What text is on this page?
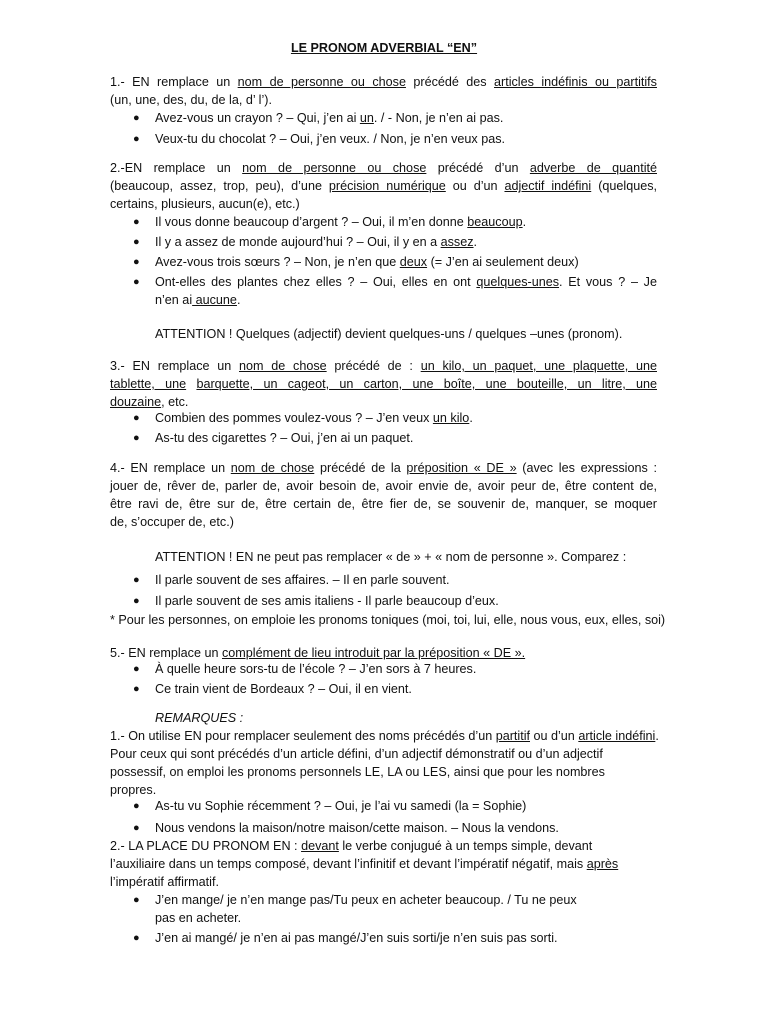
LE PRONOM ADVERBIAL “EN”
1.- EN remplace un nom de personne ou chose précédé des articles indéfinis ou partitifs
(un, une, des, du, de la, d’ l’).
● Avez-vous un crayon ? – Qui, j’en ai un. / - Non, je n’en ai pas.
● Veux-tu du chocolat ? – Oui, j’en veux. / Non, je n’en veux pas.
2.-EN remplace un nom de personne ou chose précédé d’un adverbe de quantité
(beaucoup, assez, trop, peu), d’une précision numérique ou d’un adjectif indéfini (quelques,
certains, plusieurs, aucun(e), etc.)
● Il vous donne beaucoup d’argent ? – Oui, il m’en donne beaucoup.
● Il y a assez de monde aujourd’hui ? – Oui, il y en a assez.
● Avez-vous trois sœurs ? – Non, je n’en que deux (= J’en ai seulement deux)
● Ont-elles des plantes chez elles ? – Oui, elles en ont quelques-unes. Et vous ? – Je
n’en ai aucune.
ATTENTION ! Quelques (adjectif) devient quelques-uns / quelques –unes (pronom).
3.- EN remplace un nom de chose précédé de : un kilo, un paquet, une plaquette, une
tablette, une barquette, un cageot, un carton, une boîte, une bouteille, un litre, une
douzaine, etc.
● Combien des pommes voulez-vous ? – J’en veux un kilo.
● As-tu des cigarettes ? – Oui, j’en ai un paquet.
4.- EN remplace un nom de chose précédé de la préposition « DE » (avec les expressions :
jouer de, rêver de, parler de, avoir besoin de, avoir envie de, avoir peur de, être content de,
être ravi de, être sur de, être certain de, être fier de, se souvenir de, manquer, se moquer
de, s’occuper de, etc.)
ATTENTION ! EN ne peut pas remplacer « de » + « nom de personne ». Comparez :
● Il parle souvent de ses affaires. – Il en parle souvent.
● Il parle souvent de ses amis italiens - Il parle beaucoup d’eux.
* Pour les personnes, on emploie les pronoms toniques (moi, toi, lui, elle, nous vous, eux, elles, soi)
5.- EN remplace un complément de lieu introduit par la préposition « DE ».
● À quelle heure sors-tu de l’école ? – J’en sors à 7 heures.
● Ce train vient de Bordeaux ? – Oui, il en vient.
REMARQUES :
1.- On utilise EN pour remplacer seulement des noms précédés d’un partitif ou d’un article indéfini.
Pour ceux qui sont précédés d’un article défini, d’un adjectif démonstratif ou d’un adjectif
possessif, on emploi les pronoms personnels LE, LA ou LES, ainsi que pour les nombres
propres.
● As-tu vu Sophie récemment ? – Oui, je l’ai vu samedi (la = Sophie)
● Nous vendons la maison/notre maison/cette maison. – Nous la vendons.
2.- LA PLACE DU PRONOM EN : devant le verbe conjugué à un temps simple, devant
l’auxiliaire dans un temps composé, devant l’infinitif et devant l’impératif négatif, mais après
l’impératif affirmatif.
● J’en mange/ je n’en mange pas/Tu peux en acheter beaucoup. / Tu ne peux
pas en acheter.
● J’en ai mangé/ je n’en ai pas mangé/J’en suis sorti/je n’en suis pas sorti.
